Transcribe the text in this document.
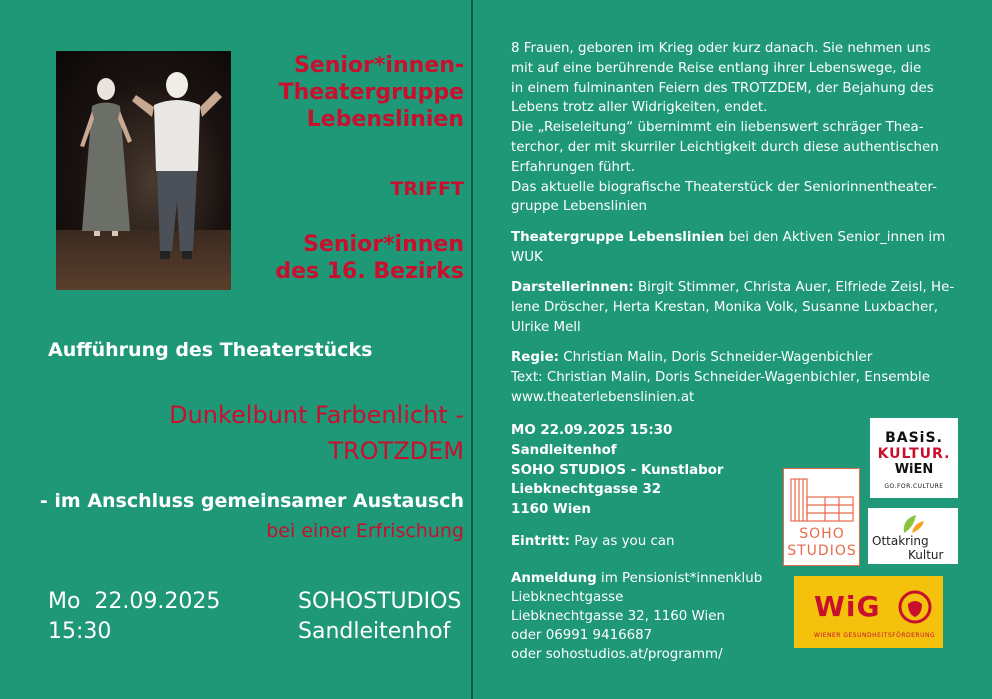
Senior*innen-
Theatergruppe
Lebenslinien
TRIFFT
Senior*innen
des 16. Bezirks
Aufführung des Theaterstücks
Dunkelbunt Farbenlicht -
TROTZDEM
- im Anschluss gemeinsamer Austausch
bei einer Erfrischung
Mo  22.09.2025
15:30
SOHOSTUDIOS
Sandleitenhof
8 Frauen, geboren im Krieg oder kurz danach. Sie nehmen uns
mit auf eine berührende Reise entlang ihrer Lebenswege, die
in einem fulminanten Feiern des TROTZDEM, der Bejahung des
Lebens trotz aller Widrigkeiten, endet.
Die „Reiseleitung“ übernimmt ein liebenswert schräger Thea-
terchor, der mit skurriler Leichtigkeit durch diese authentischen
Erfahrungen führt.
Das aktuelle biografische Theaterstück der Seniorinnentheater-
gruppe Lebenslinien
Theatergruppe Lebenslinien bei den Aktiven Senior_innen im
WUK
Darstellerinnen: Birgit Stimmer, Christa Auer, Elfriede Zeisl, He-
lene Dröscher, Herta Krestan, Monika Volk, Susanne Luxbacher,
Ulrike Mell
Regie: Christian Malin, Doris Schneider-Wagenbichler
Text: Christian Malin, Doris Schneider-Wagenbichler, Ensemble
www.theaterlebenslinien.at
MO 22.09.2025 15:30
Sandleitenhof
SOHO STUDIOS - Kunstlabor
Liebknechtgasse 32
1160 Wien
Eintritt: Pay as you can
Anmeldung im Pensionist*innenklub
Liebknechtgasse
Liebknechtgasse 32, 1160 Wien
oder 06991 9416687
oder sohostudios.at/programm/
BASiS.
KULTUR.
WiEN
GO.FOR.CULTURE
SOHO
STUDIOS
Ottakring
Kultur
WiG
WIENER GESUNDHEITSFÖRDERUNG
